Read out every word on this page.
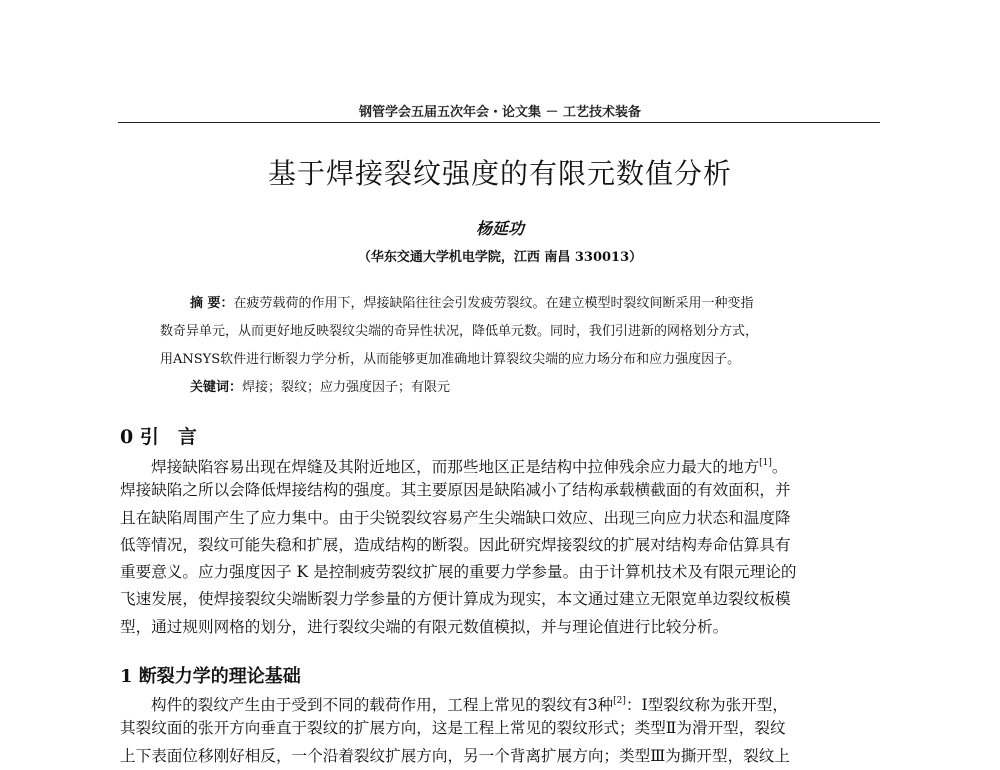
钢管学会五届五次年会・论文集 － 工艺技术装备
基于焊接裂纹强度的有限元数值分析
杨延功
（华东交通大学机电学院，江西 南昌 330013）
摘 要：在疲劳载荷的作用下，焊接缺陷往往会引发疲劳裂纹。在建立模型时裂纹间断采用一种变指
数奇异单元，从而更好地反映裂纹尖端的奇异性状况，降低单元数。同时，我们引进新的网格划分方式，
用ANSYS软件进行断裂力学分析，从而能够更加准确地计算裂纹尖端的应力场分布和应力强度因子。
关键词：焊接；裂纹；应力强度因子；有限元
0 引　言
焊接缺陷容易出现在焊缝及其附近地区，而那些地区正是结构中拉伸残余应力最大的地方[1]。
焊接缺陷之所以会降低焊接结构的强度。其主要原因是缺陷减小了结构承载横截面的有效面积，并
且在缺陷周围产生了应力集中。由于尖锐裂纹容易产生尖端缺口效应、出现三向应力状态和温度降
低等情况，裂纹可能失稳和扩展，造成结构的断裂。因此研究焊接裂纹的扩展对结构寿命估算具有
重要意义。应力强度因子 K 是控制疲劳裂纹扩展的重要力学参量。由于计算机技术及有限元理论的
飞速发展，使焊接裂纹尖端断裂力学参量的方便计算成为现实，本文通过建立无限宽单边裂纹板模
型，通过规则网格的划分，进行裂纹尖端的有限元数值模拟，并与理论值进行比较分析。
1 断裂力学的理论基础
构件的裂纹产生由于受到不同的载荷作用，工程上常见的裂纹有3种[2]：Ⅰ型裂纹称为张开型，
其裂纹面的张开方向垂直于裂纹的扩展方向，这是工程上常见的裂纹形式；类型Ⅱ为滑开型，裂纹
上下表面位移刚好相反，一个沿着裂纹扩展方向，另一个背离扩展方向；类型Ⅲ为撕开型，裂纹上
